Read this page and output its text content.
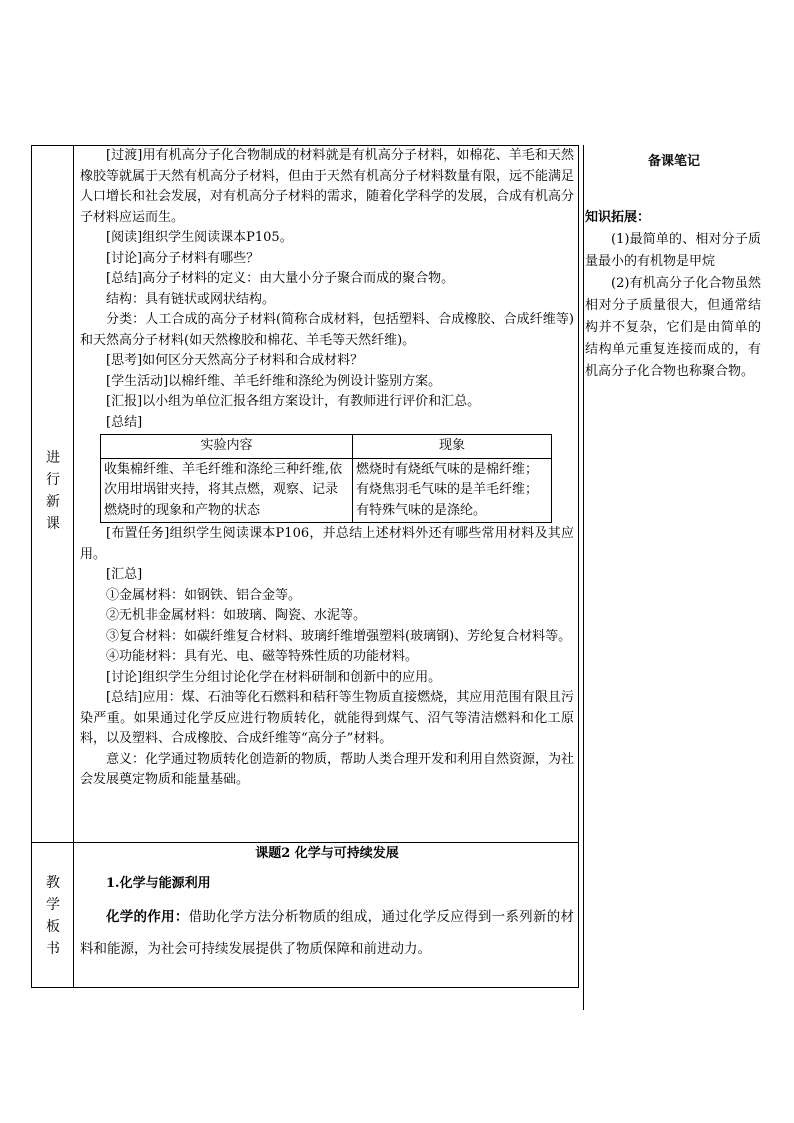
进
行
新
课

[过渡]用有机高分子化合物制成的材料就是有机高分子材料，如棉花、羊毛和天然橡胶等就属于天然有机高分子材料，但由于天然有机高分子材料数量有限，远不能满足人口增长和社会发展，对有机高分子材料的需求，随着化学科学的发展，合成有机高分子材料应运而生。

[阅读]组织学生阅读课本P105。

[讨论]高分子材料有哪些？

[总结]高分子材料的定义：由大量小分子聚合而成的聚合物。

结构：具有链状或网状结构。

分类：人工合成的高分子材料(简称合成材料，包括塑料、合成橡胶、合成纤维等)和天然高分子材料(如天然橡胶和棉花、羊毛等天然纤维)。

[思考]如何区分天然高分子材料和合成材料？

[学生活动]以棉纤维、羊毛纤维和涤纶为例设计鉴别方案。

[汇报]以小组为单位汇报各组方案设计，有教师进行评价和汇总。

[总结]

实验内容	现象
收集棉纤维、羊毛纤维和涤纶三种纤维,依次用坩埚钳夹持，将其点燃，观察、记录燃烧时的现象和产物的状态	燃烧时有烧纸气味的是棉纤维；有烧焦羽毛气味的是羊毛纤维；有特殊气味的是涤纶。

[布置任务]组织学生阅读课本P106，并总结上述材料外还有哪些常用材料及其应用。

[汇总]

①金属材料：如钢铁、铝合金等。

②无机非金属材料：如玻璃、陶瓷、水泥等。

③复合材料：如碳纤维复合材料、玻璃纤维增强塑料(玻璃钢)、芳纶复合材料等。

④功能材料：具有光、电、磁等特殊性质的功能材料。

[讨论]组织学生分组讨论化学在材料研制和创新中的应用。

[总结]应用：煤、石油等化石燃料和秸秆等生物质直接燃烧，其应用范围有限且污染严重。如果通过化学反应进行物质转化，就能得到煤气、沼气等清洁燃料和化工原料，以及塑料、合成橡胶、合成纤维等“高分子”材料。

意义：化学通过物质转化创造新的物质，帮助人类合理开发和利用自然资源，为社会发展奠定物质和能量基础。

教
学
板
书
课题2 化学与可持续发展
1.化学与能源利用
化学的作用：借助化学方法分析物质的组成，通过化学反应得到一系列新的材料和能源，为社会可持续发展提供了物质保障和前进动力。
备课笔记

知识拓展：

(1)最简单的、相对分子质量最小的有机物是甲烷

(2)有机高分子化合物虽然相对分子质量很大，但通常结构并不复杂，它们是由简单的结构单元重复连接而成的，有机高分子化合物也称聚合物。
